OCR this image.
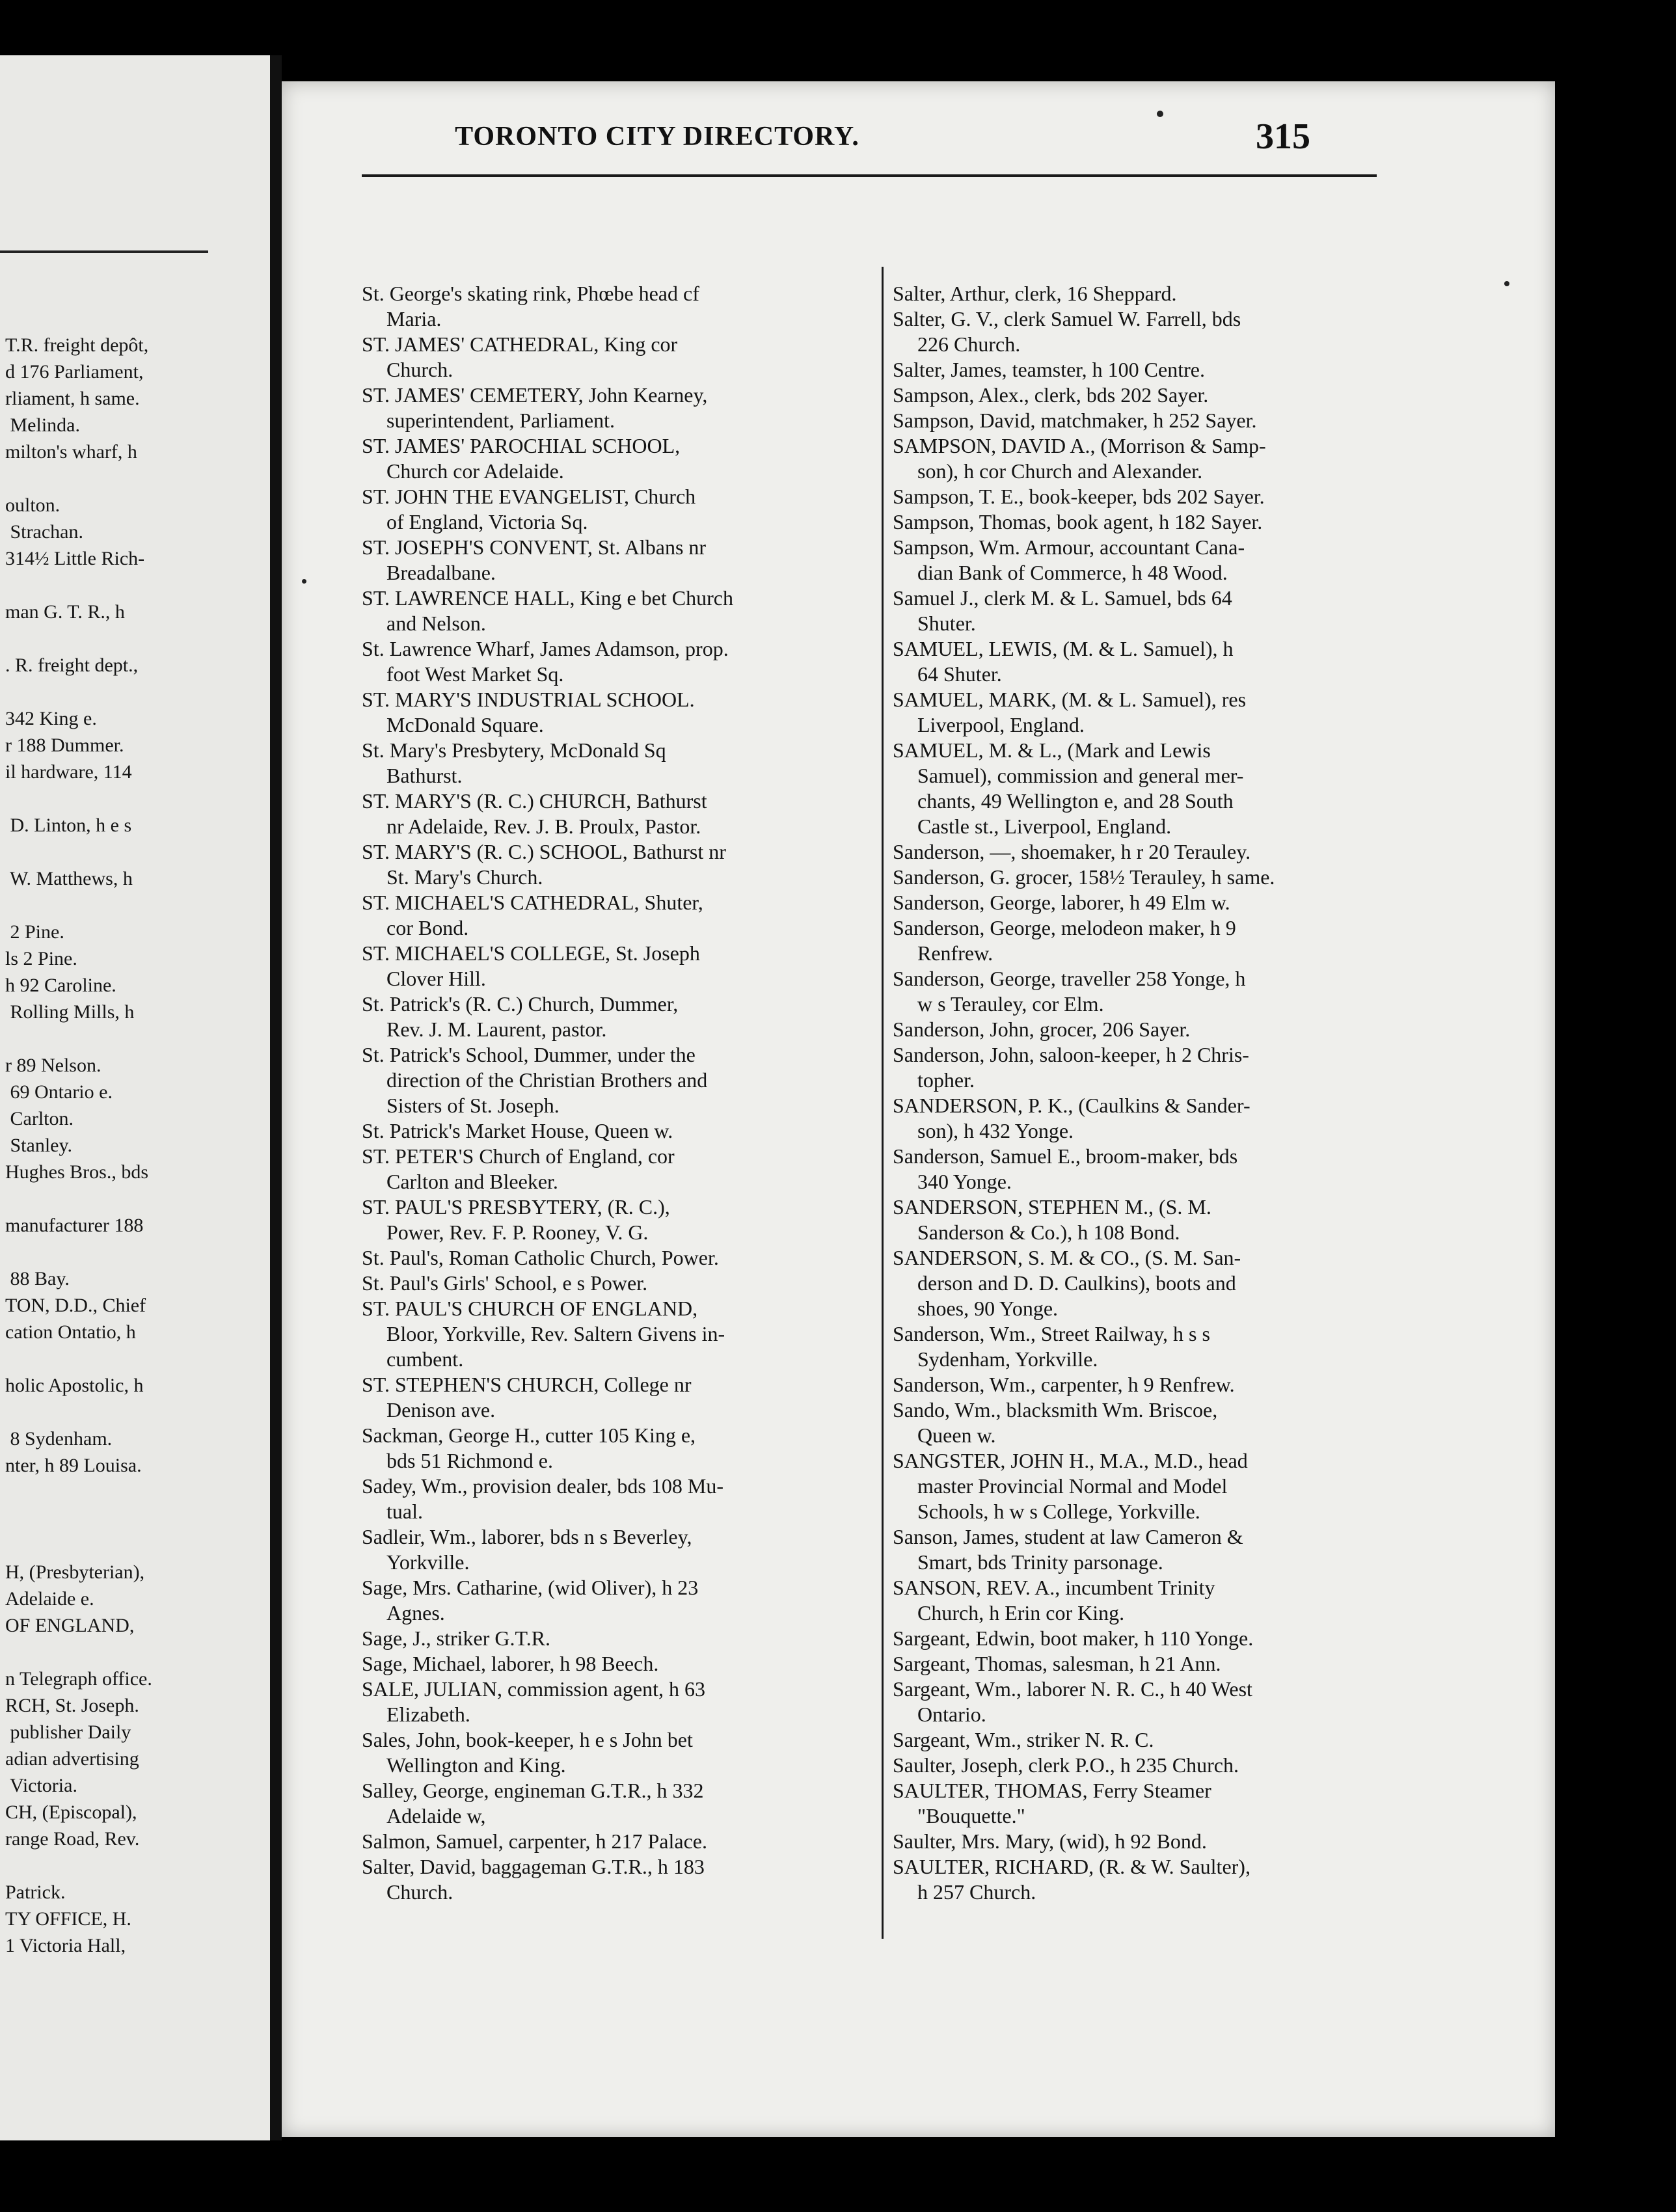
T.R. freight depôt,
d 176 Parliament,
rliament, h same.
Melinda.
milton's wharf, h
oulton.
Strachan.
314½ Little Rich-
man G. T. R., h
. R. freight dept.,
342 King e.
r 188 Dummer.
il hardware, 114
D. Linton, h e s
W. Matthews, h
2 Pine.
ls 2 Pine.
h 92 Caroline.
Rolling Mills, h
r 89 Nelson.
69 Ontario e.
Carlton.
Stanley.
Hughes Bros., bds
manufacturer 188
88 Bay.
TON, D.D., Chief
cation Ontatio, h
holic Apostolic, h
8 Sydenham.
nter, h 89 Louisa.
H, (Presbyterian),
Adelaide e.
OF ENGLAND,
n Telegraph office.
RCH, St. Joseph.
publisher Daily
adian advertising
Victoria.
CH, (Episcopal),
range Road, Rev.
Patrick.
TY OFFICE, H.
1 Victoria Hall,
TORONTO CITY DIRECTORY.	315
St. George's skating rink, Phœbe head cf
Maria.
ST. JAMES' CATHEDRAL, King cor
Church.
ST. JAMES' CEMETERY, John Kearney,
superintendent, Parliament.
ST. JAMES' PAROCHIAL SCHOOL,
Church cor Adelaide.
ST. JOHN THE EVANGELIST, Church
of England, Victoria Sq.
ST. JOSEPH'S CONVENT, St. Albans nr
Breadalbane.
ST. LAWRENCE HALL, King e bet Church
and Nelson.
St. Lawrence Wharf, James Adamson, prop.
foot West Market Sq.
ST. MARY'S INDUSTRIAL SCHOOL.
McDonald Square.
St. Mary's Presbytery, McDonald Sq
Bathurst.
ST. MARY'S (R. C.) CHURCH, Bathurst
nr Adelaide, Rev. J. B. Proulx, Pastor.
ST. MARY'S (R. C.) SCHOOL, Bathurst nr
St. Mary's Church.
ST. MICHAEL'S CATHEDRAL, Shuter,
cor Bond.
ST. MICHAEL'S COLLEGE, St. Joseph
Clover Hill.
St. Patrick's (R. C.) Church, Dummer,
Rev. J. M. Laurent, pastor.
St. Patrick's School, Dummer, under the
direction of the Christian Brothers and
Sisters of St. Joseph.
St. Patrick's Market House, Queen w.
ST. PETER'S Church of England, cor
Carlton and Bleeker.
ST. PAUL'S PRESBYTERY, (R. C.),
Power, Rev. F. P. Rooney, V. G.
St. Paul's, Roman Catholic Church, Power.
St. Paul's Girls' School, e s Power.
ST. PAUL'S CHURCH OF ENGLAND,
Bloor, Yorkville, Rev. Saltern Givens in-
cumbent.
ST. STEPHEN'S CHURCH, College nr
Denison ave.
Sackman, George H., cutter 105 King e,
bds 51 Richmond e.
Sadey, Wm., provision dealer, bds 108 Mu-
tual.
Sadleir, Wm., laborer, bds n s Beverley,
Yorkville.
Sage, Mrs. Catharine, (wid Oliver), h 23
Agnes.
Sage, J., striker G.T.R.
Sage, Michael, laborer, h 98 Beech.
SALE, JULIAN, commission agent, h 63
Elizabeth.
Sales, John, book-keeper, h e s John bet
Wellington and King.
Salley, George, engineman G.T.R., h 332
Adelaide w,
Salmon, Samuel, carpenter, h 217 Palace.
Salter, David, baggageman G.T.R., h 183
Church.
Salter, Arthur, clerk, 16 Sheppard.
Salter, G. V., clerk Samuel W. Farrell, bds
226 Church.
Salter, James, teamster, h 100 Centre.
Sampson, Alex., clerk, bds 202 Sayer.
Sampson, David, matchmaker, h 252 Sayer.
SAMPSON, DAVID A., (Morrison & Samp-
son), h cor Church and Alexander.
Sampson, T. E., book-keeper, bds 202 Sayer.
Sampson, Thomas, book agent, h 182 Sayer.
Sampson, Wm. Armour, accountant Cana-
dian Bank of Commerce, h 48 Wood.
Samuel J., clerk M. & L. Samuel, bds 64
Shuter.
SAMUEL, LEWIS, (M. & L. Samuel), h
64 Shuter.
SAMUEL, MARK, (M. & L. Samuel), res
Liverpool, England.
SAMUEL, M. & L., (Mark and Lewis
Samuel), commission and general mer-
chants, 49 Wellington e, and 28 South
Castle st., Liverpool, England.
Sanderson, —, shoemaker, h r 20 Terauley.
Sanderson, G. grocer, 158½ Terauley, h same.
Sanderson, George, laborer, h 49 Elm w.
Sanderson, George, melodeon maker, h 9
Renfrew.
Sanderson, George, traveller 258 Yonge, h
w s Terauley, cor Elm.
Sanderson, John, grocer, 206 Sayer.
Sanderson, John, saloon-keeper, h 2 Chris-
topher.
SANDERSON, P. K., (Caulkins & Sander-
son), h 432 Yonge.
Sanderson, Samuel E., broom-maker, bds
340 Yonge.
SANDERSON, STEPHEN M., (S. M.
Sanderson & Co.), h 108 Bond.
SANDERSON, S. M. & CO., (S. M. San-
derson and D. D. Caulkins), boots and
shoes, 90 Yonge.
Sanderson, Wm., Street Railway, h s s
Sydenham, Yorkville.
Sanderson, Wm., carpenter, h 9 Renfrew.
Sando, Wm., blacksmith Wm. Briscoe,
Queen w.
SANGSTER, JOHN H., M.A., M.D., head
master Provincial Normal and Model
Schools, h w s College, Yorkville.
Sanson, James, student at law Cameron &
Smart, bds Trinity parsonage.
SANSON, REV. A., incumbent Trinity
Church, h Erin cor King.
Sargeant, Edwin, boot maker, h 110 Yonge.
Sargeant, Thomas, salesman, h 21 Ann.
Sargeant, Wm., laborer N. R. C., h 40 West
Ontario.
Sargeant, Wm., striker N. R. C.
Saulter, Joseph, clerk P.O., h 235 Church.
SAULTER, THOMAS, Ferry Steamer
"Bouquette."
Saulter, Mrs. Mary, (wid), h 92 Bond.
SAULTER, RICHARD, (R. & W. Saulter),
h 257 Church.
